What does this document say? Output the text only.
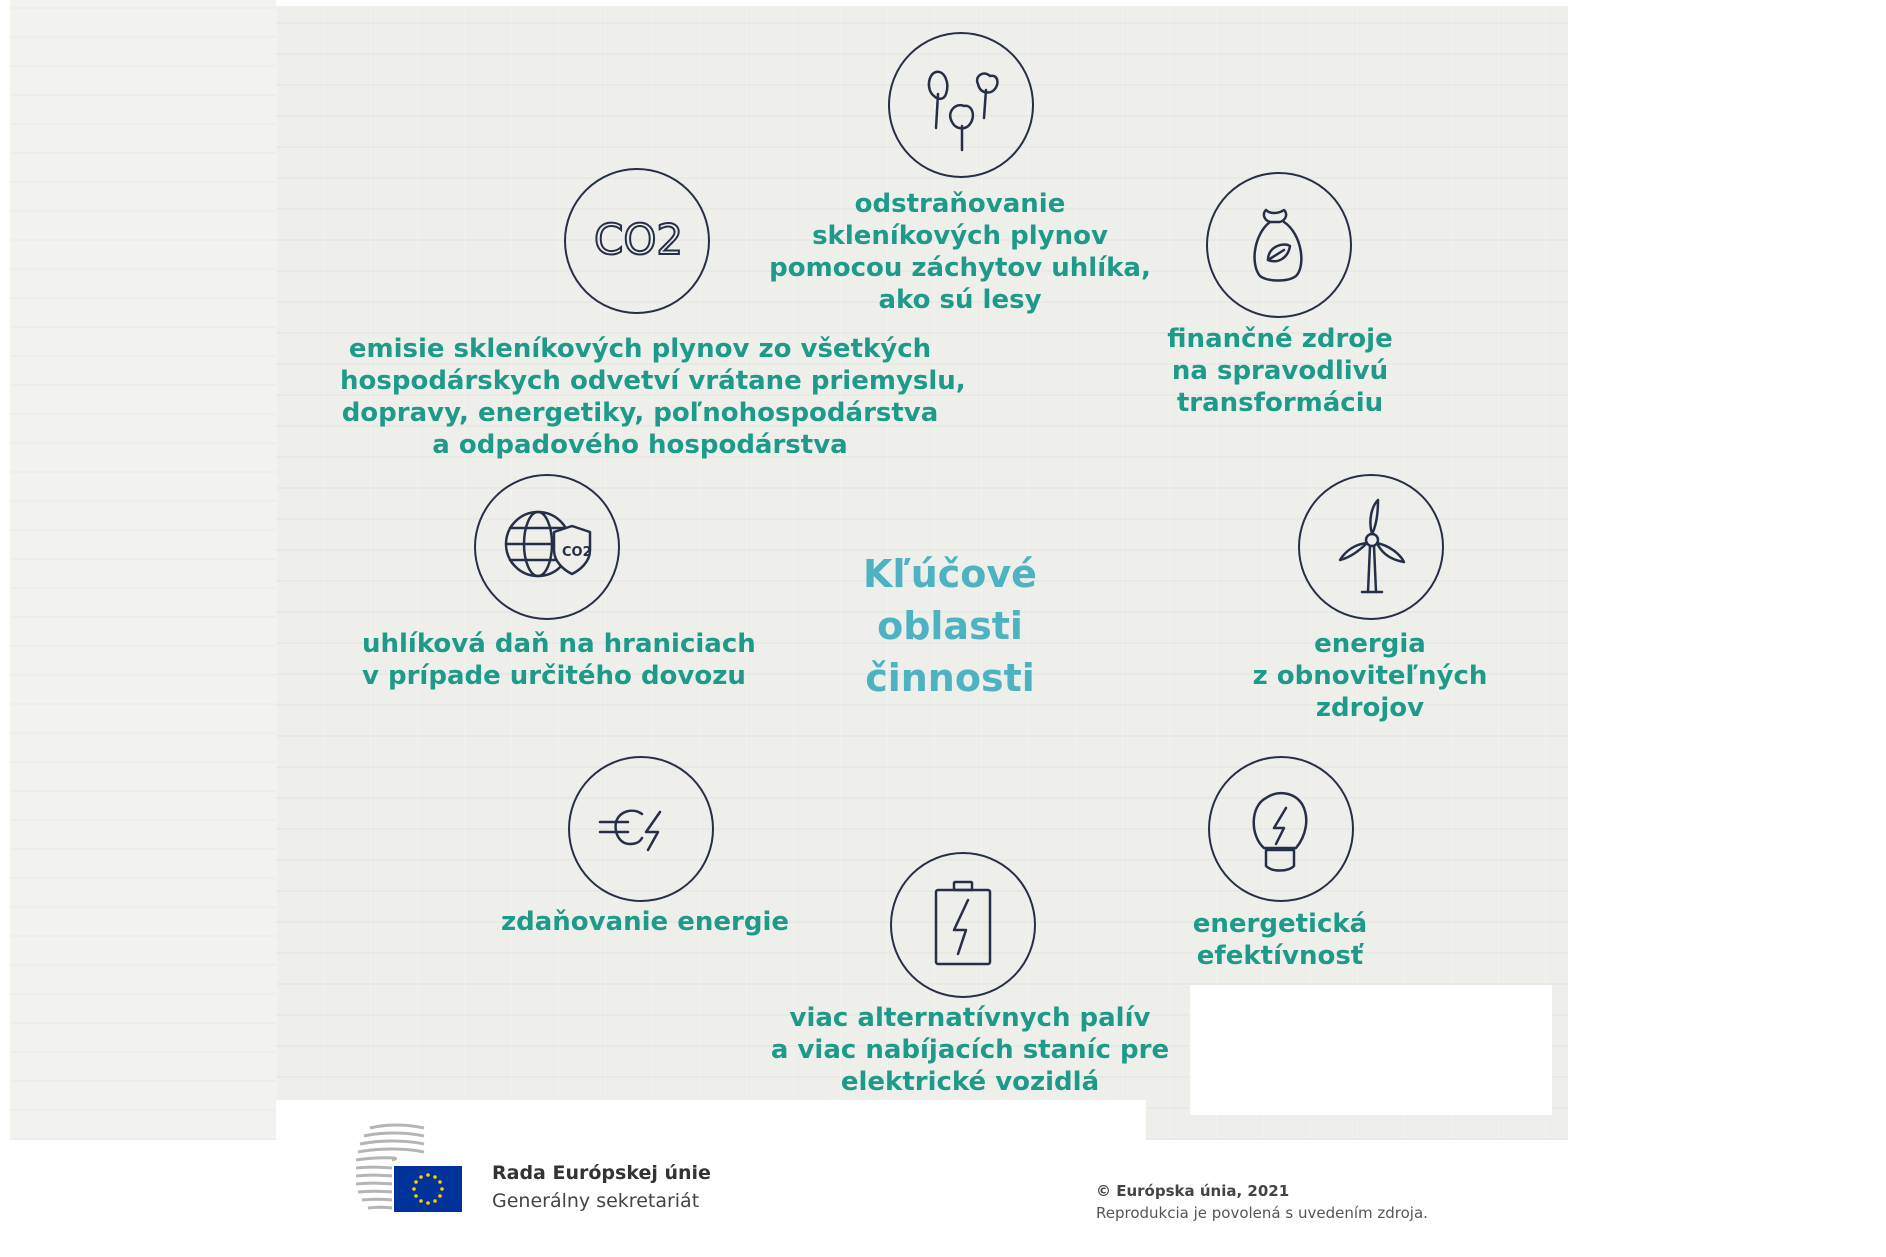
Kľúčové oblasti
činnosti
odstraňovanie
skleníkových plynov
pomocou záchytov uhlíka,
ako sú lesy
finančné zdroje
na spravodlivú
transformáciu
energia
z obnoviteľných
zdrojov
energetická
efektívnosť
viac alternatívnych palív
a viac nabíjacích staníc pre
elektrické vozidlá
zdaňovanie energie
CO2
uhlíková daň na hraniciach
v prípade určitého dovozu
CO2
emisie skleníkových plynov zo všetkých
hospodárskych odvetví vrátane priemyslu,
dopravy, energetiky, poľnohospodárstva
a odpadového hospodárstva
Rada Európskej únie
Generálny sekretariát	© Európska únia, 2021
Reprodukcia je povolená s uvedením zdroja.
